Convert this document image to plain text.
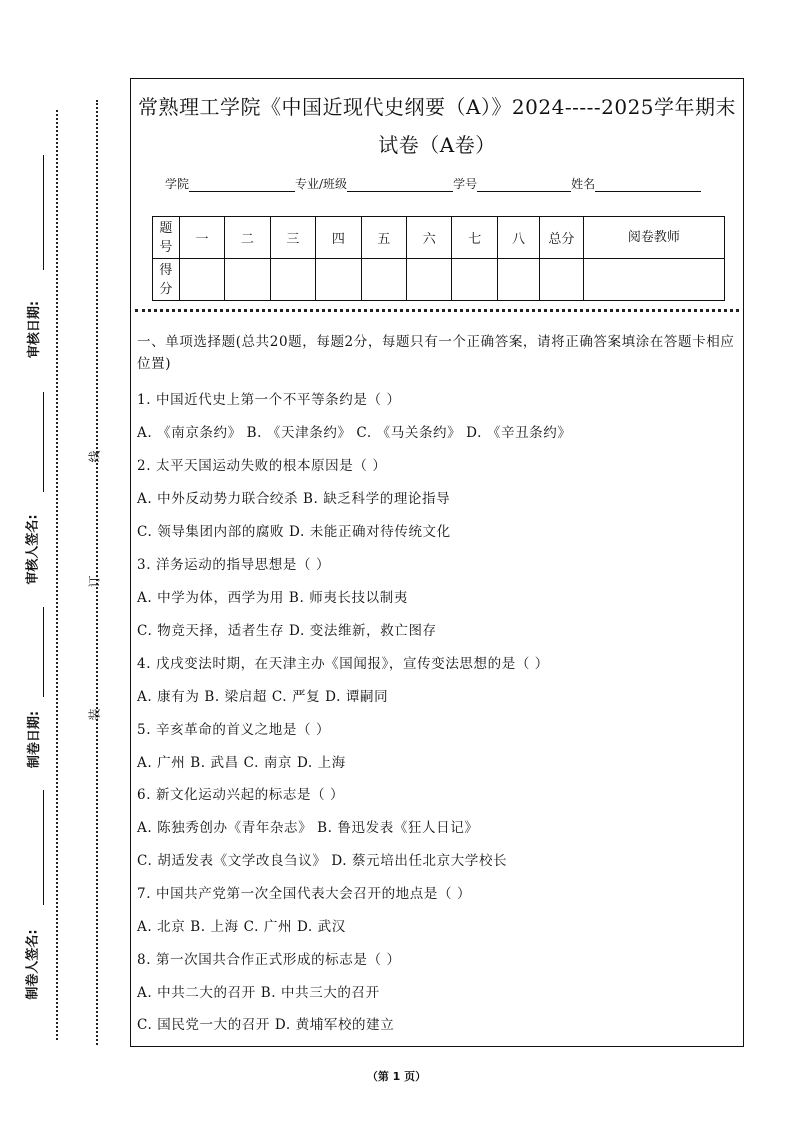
审核日期:
审核人签名:
制卷日期:
制卷人签名:
线
订
装
常熟理工学院《中国近现代史纲要（A）》2024-----2025学年期末
试卷（A卷）
学院	专业/班级	学号	姓名
题号	一	二	三	四	五	六	七	八	总分	阅卷教师
得分										
一、单项选择题(总共20题，每题2分，每题只有一个正确答案，请将正确答案填涂在答题卡相应位置)
1. 中国近代史上第一个不平等条约是（ ）
A. 《南京条约》 B. 《天津条约》 C. 《马关条约》 D. 《辛丑条约》
2. 太平天国运动失败的根本原因是（ ）
A. 中外反动势力联合绞杀 B. 缺乏科学的理论指导
C. 领导集团内部的腐败 D. 未能正确对待传统文化
3. 洋务运动的指导思想是（ ）
A. 中学为体，西学为用 B. 师夷长技以制夷
C. 物竞天择，适者生存 D. 变法维新，救亡图存
4. 戊戌变法时期，在天津主办《国闻报》，宣传变法思想的是（ ）
A. 康有为 B. 梁启超 C. 严复 D. 谭嗣同
5. 辛亥革命的首义之地是（ ）
A. 广州 B. 武昌 C. 南京 D. 上海
6. 新文化运动兴起的标志是（ ）
A. 陈独秀创办《青年杂志》 B. 鲁迅发表《狂人日记》
C. 胡适发表《文学改良刍议》 D. 蔡元培出任北京大学校长
7. 中国共产党第一次全国代表大会召开的地点是（ ）
A. 北京 B. 上海 C. 广州 D. 武汉
8. 第一次国共合作正式形成的标志是（ ）
A. 中共二大的召开 B. 中共三大的召开
C. 国民党一大的召开 D. 黄埔军校的建立
（第 1 页）
